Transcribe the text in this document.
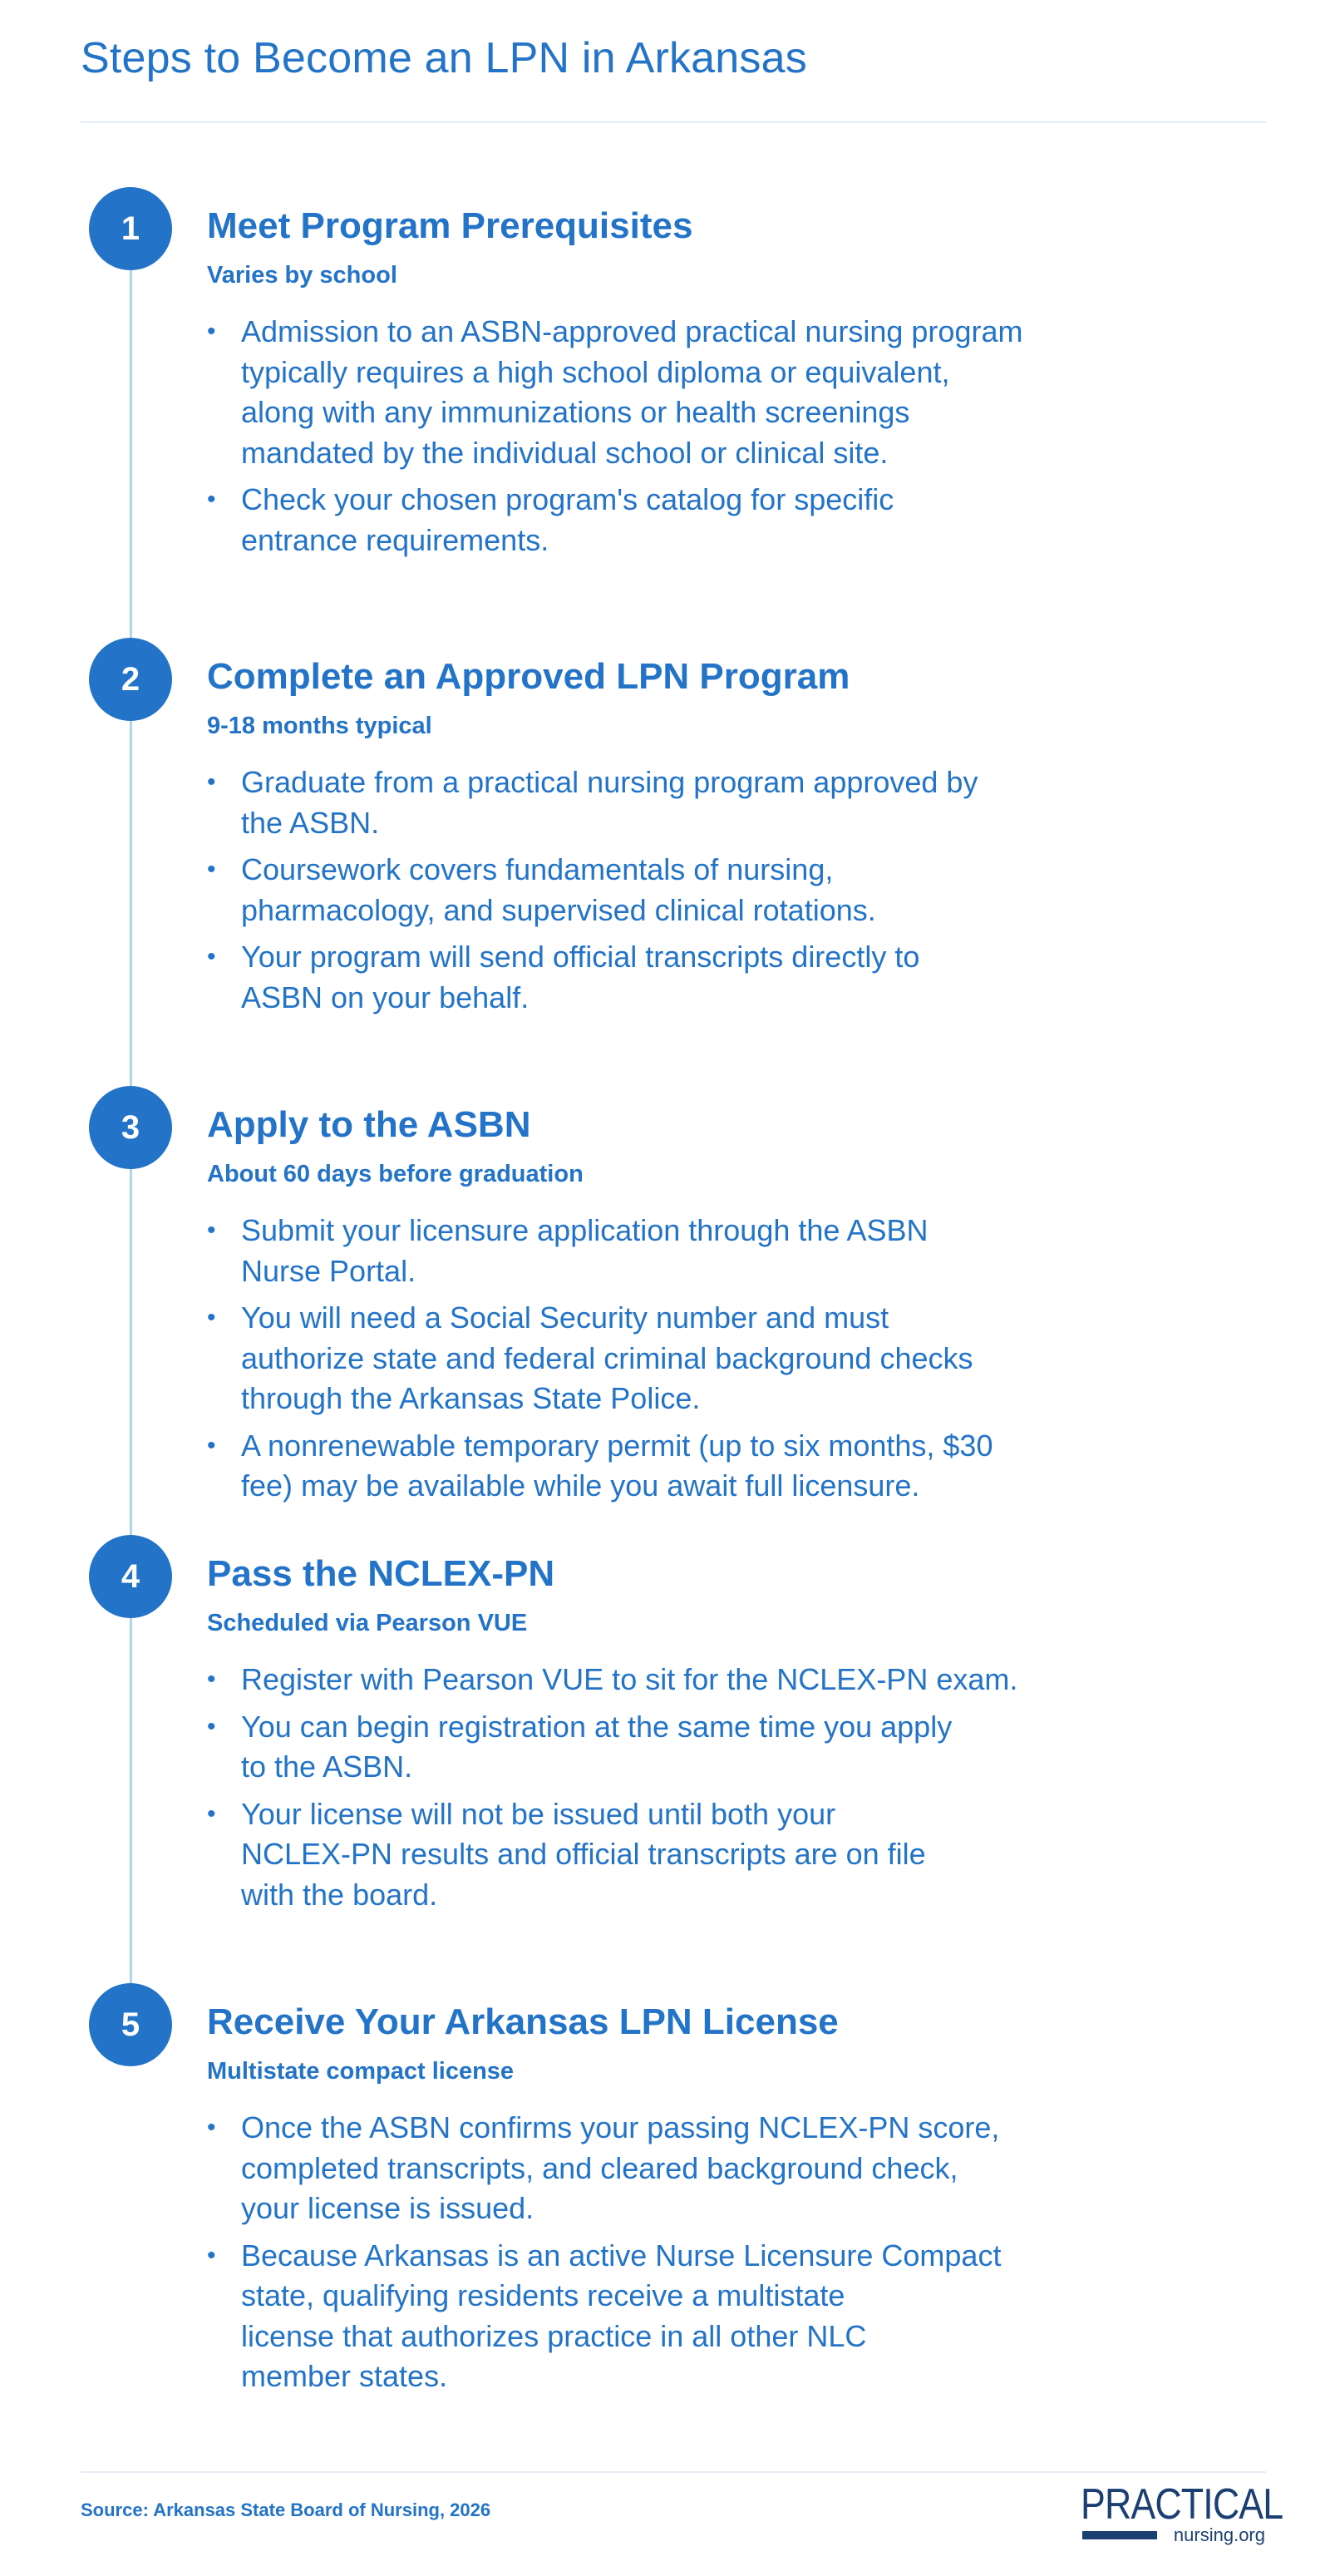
Steps to Become an LPN in Arkansas
1	Meet Program Prerequisites

Varies by school

• Admission to an ASBN-approved practical nursing program
typically requires a high school diploma or equivalent,
along with any immunizations or health screenings
mandated by the individual school or clinical site.
• Check your chosen program's catalog for specific
entrance requirements.
2	Complete an Approved LPN Program

9-18 months typical

• Graduate from a practical nursing program approved by
the ASBN.
• Coursework covers fundamentals of nursing,
pharmacology, and supervised clinical rotations.
• Your program will send official transcripts directly to
ASBN on your behalf.
3	Apply to the ASBN

About 60 days before graduation

• Submit your licensure application through the ASBN
Nurse Portal.
• You will need a Social Security number and must
authorize state and federal criminal background checks
through the Arkansas State Police.
• A nonrenewable temporary permit (up to six months, $30
fee) may be available while you await full licensure.
4	Pass the NCLEX-PN

Scheduled via Pearson VUE

• Register with Pearson VUE to sit for the NCLEX-PN exam.
• You can begin registration at the same time you apply
to the ASBN.
• Your license will not be issued until both your
NCLEX-PN results and official transcripts are on file
with the board.
5	Receive Your Arkansas LPN License

Multistate compact license

• Once the ASBN confirms your passing NCLEX-PN score,
completed transcripts, and cleared background check,
your license is issued.
• Because Arkansas is an active Nurse Licensure Compact
state, qualifying residents receive a multistate
license that authorizes practice in all other NLC
member states.

Source: Arkansas State Board of Nursing, 2026	PRACTICAL
nursing.org
